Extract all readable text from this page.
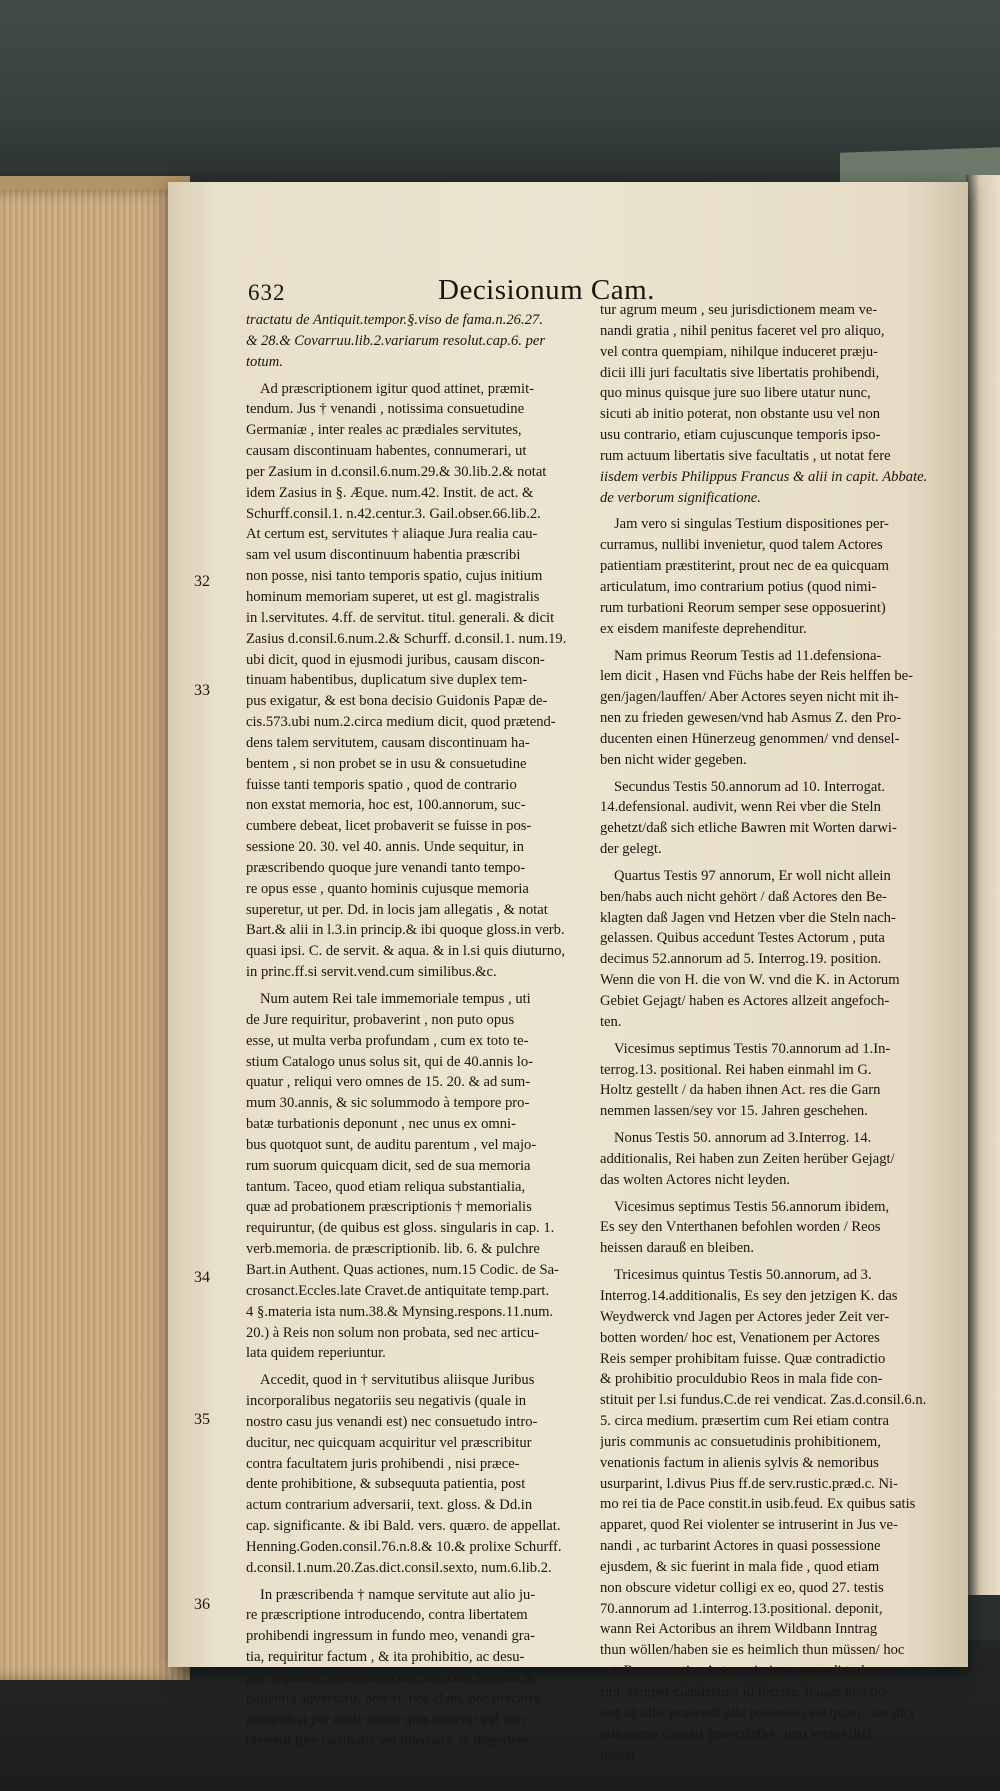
632	Decisionum Cam.
32
33
34
35
36
tractatu de Antiquit.tempor.§.viso de fama.n.26.27.
& 28.& Covarruu.lib.2.variarum resolut.cap.6. per
totum.
Ad præscriptionem igitur quod attinet, præmit-
tendum. Jus † venandi , notissima consuetudine
Germaniæ , inter reales ac prædiales servitutes,
causam discontinuam habentes, connumerari, ut
per Zasium in d.consil.6.num.29.& 30.lib.2.& notat
idem Zasius in §. Æque. num.42. Instit. de act. &
Schurff.consil.1. n.42.centur.3. Gail.obser.66.lib.2.
At certum est, servitutes † aliaque Jura realia cau-
sam vel usum discontinuum habentia præscribi
non posse, nisi tanto temporis spatio, cujus initium
hominum memoriam superet, ut est gl. magistralis
in l.servitutes. 4.ff. de servitut. titul. generali. & dicit
Zasius d.consil.6.num.2.& Schurff. d.consil.1. num.19.
ubi dicit, quod in ejusmodi juribus, causam discon-
tinuam habentibus, duplicatum sive duplex tem-
pus exigatur, & est bona decisio Guidonis Papæ de-
cis.573.ubi num.2.circa medium dicit, quod prætend-
dens talem servitutem, causam discontinuam ha-
bentem , si non probet se in usu & consuetudine
fuisse tanti temporis spatio , quod de contrario
non exstat memoria, hoc est, 100.annorum, suc-
cumbere debeat, licet probaverit se fuisse in pos-
sessione 20. 30. vel 40. annis. Unde sequitur, in
præscribendo quoque jure venandi tanto tempo-
re opus esse , quanto hominis cujusque memoria
superetur, ut per. Dd. in locis jam allegatis , & notat
Bart.& alii in l.3.in princip.& ibi quoque gloss.in verb.
quasi ipsi. C. de servit. & aqua. & in l.si quis diuturno,
in princ.ff.si servit.vend.cum similibus.&c.
Num autem Rei tale immemoriale tempus , uti
de Jure requiritur, probaverint , non puto opus
esse, ut multa verba profundam , cum ex toto te-
stium Catalogo unus solus sit, qui de 40.annis lo-
quatur , reliqui vero omnes de 15. 20. & ad sum-
mum 30.annis, & sic solummodo à tempore pro-
batæ turbationis deponunt , nec unus ex omni-
bus quotquot sunt, de auditu parentum , vel majo-
rum suorum quicquam dicit, sed de sua memoria
tantum. Taceo, quod etiam reliqua substantialia,
quæ ad probationem præscriptionis † memorialis
requiruntur, (de quibus est gloss. singularis in cap. 1.
verb.memoria. de præscriptionib. lib. 6. & pulchre
Bart.in Authent. Quas actiones, num.15 Codic. de Sa-
crosanct.Eccles.late Cravet.de antiquitate temp.part.
4 §.materia ista num.38.& Mynsing.respons.11.num.
20.) à Reis non solum non probata, sed nec articu-
lata quidem reperiuntur.
Accedit, quod in † servitutibus aliisque Juribus
incorporalibus negatoriis seu negativis (quale in
nostro casu jus venandi est) nec consuetudo intro-
ducitur, nec quicquam acquiritur vel præscribitur
contra facultatem juris prohibendi , nisi præce-
dente prohibitione, & subsequuta patientia, post
actum contrarium adversarii, text. gloss. & Dd.in
cap. significante. & ibi Bald. vers. quæro. de appellat.
Henning.Goden.consil.76.n.8.& 10.& prolixe Schurff.
d.consil.1.num.20.Zas.dict.consil.sexto, num.6.lib.2.
In præscribenda † namque servitute aut alio ju-
re præscriptione introducendo, contra libertatem
prohibendi ingressum in fundo meo, venandi gra-
tia, requiritur factum , & ita prohibitio, ac desu-
per sequutus contrarius actus, una cum scientia &
patientia adversarii, non vi, nec clam, nec precario,
alioquin si per mille annos quis uteretur vel non
uteretur jure facultatis vel libertatis, & ingredere-
tur agrum meum , seu jurisdictionem meam ve-
nandi gratia , nihil penitus faceret vel pro aliquo,
vel contra quempiam, nihilque induceret præju-
dicii illi juri facultatis sive libertatis prohibendi,
quo minus quisque jure suo libere utatur nunc,
sicuti ab initio poterat, non obstante usu vel non
usu contrario, etiam cujuscunque temporis ipso-
rum actuum libertatis sive facultatis , ut notat fere
iisdem verbis Philippus Francus & alii in capit. Abbate.
de verborum significatione.
Jam vero si singulas Testium dispositiones per-
curramus, nullibi invenietur, quod talem Actores
patientiam præstiterint, prout nec de ea quicquam
articulatum, imo contrarium potius (quod nimi-
rum turbationi Reorum semper sese opposuerint)
ex eisdem manifeste deprehenditur.
Nam primus Reorum Testis ad 11.defensiona-
lem dicit , Hasen vnd Füchs habe der Reis helffen be-
gen/jagen/lauffen/ Aber Actores seyen nicht mit ih-
nen zu frieden gewesen/vnd hab Asmus Z. den Pro-
ducenten einen Hünerzeug genommen/ vnd densel-
ben nicht wider gegeben.
Secundus Testis 50.annorum ad 10. Interrogat.
14.defensional. audivit, wenn Rei vber die Steln
gehetzt/daß sich etliche Bawren mit Worten darwi-
der gelegt.
Quartus Testis 97 annorum, Er woll nicht allein
ben/habs auch nicht gehört / daß Actores den Be-
klagten daß Jagen vnd Hetzen vber die Steln nach-
gelassen. Quibus accedunt Testes Actorum , puta
decimus 52.annorum ad 5. Interrog.19. position.
Wenn die von H. die von W. vnd die K. in Actorum
Gebiet Gejagt/ haben es Actores allzeit angefoch-
ten.
Vicesimus septimus Testis 70.annorum ad 1.In-
terrog.13. positional. Rei haben einmahl im G.
Holtz gestellt / da haben ihnen Act. res die Garn
nemmen lassen/sey vor 15. Jahren geschehen.
Nonus Testis 50. annorum ad 3.Interrog. 14.
additionalis, Rei haben zun Zeiten herüber Gejagt/
das wolten Actores nicht leyden.
Vicesimus septimus Testis 56.annorum ibidem,
Es sey den Vnterthanen befohlen worden / Reos
heissen darauß en bleiben.
Tricesimus quintus Testis 50.annorum, ad 3.
Interrog.14.additionalis, Es sey den jetzigen K. das
Weydwerck vnd Jagen per Actores jeder Zeit ver-
botten worden/ hoc est, Venationem per Actores
Reis semper prohibitam fuisse. Quæ contradictio
& prohibitio proculdubio Reos in mala fide con-
stituit per l.si fundus.C.de rei vendicat. Zas.d.consil.6.n.
5. circa medium. præsertim cum Rei etiam contra
juris communis ac consuetudinis prohibitionem,
venationis factum in alienis sylvis & nemoribus
usurparint, l.divus Pius ff.de serv.rustic.præd.c. Ni-
mo rei tia de Pace constit.in usib.feud. Ex quibus satis
apparet, quod Rei violenter se intruserint in Jus ve-
nandi , ac turbarint Actores in quasi possessione
ejusdem, & sic fuerint in mala fide , quod etiam
non obscure videtur colligi ex eo, quod 27. testis
70.annorum ad 1.interrog.13.positional. deponit,
wann Rei Actoribus an ihrem Wildbann Inntrag
thun wöllen/haben sie es heimlich thun müssen/ hoc
est, Reos, quoties Actores in jure venandi turbave-
rint, semper clandestine id fecisse. Itaque non po-
test ab aliis prætendi ulla possessio vel quasi , ius dici
qua possit causari præscriptio , imo verius dici
potest
